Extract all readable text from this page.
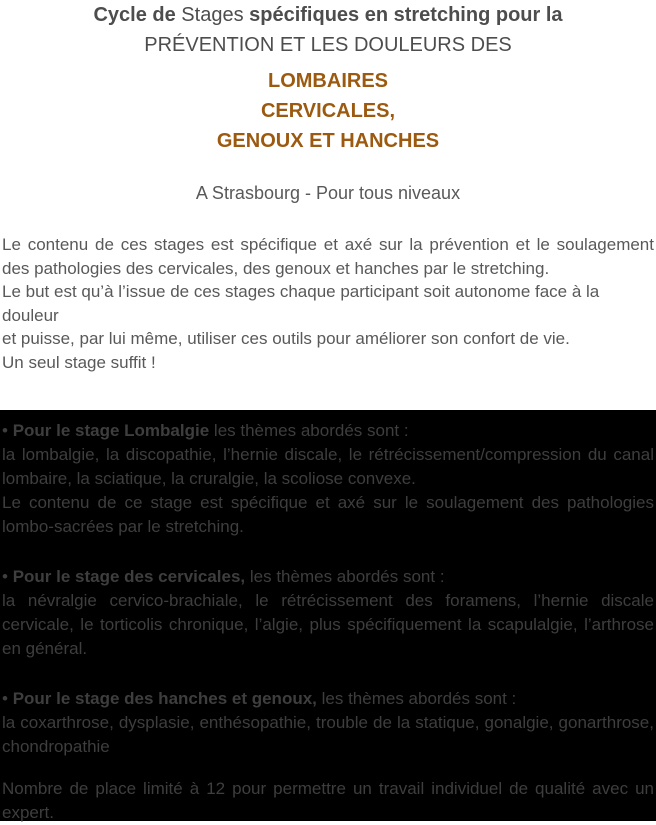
Cycle de Stages spécifiques en stretching pour la
PRÉVENTION ET LES DOULEURS DES
LOMBAIRES
CERVICALES,
GENOUX ET HANCHES
A Strasbourg - Pour tous niveaux

Le contenu de ces stages est spécifique et axé sur la prévention et le soulagement des pathologies des cervicales, des genoux et hanches par le stretching.

Le but est qu’à l’issue de ces stages chaque participant soit autonome face à la douleur

et puisse, par lui même, utiliser ces outils pour améliorer son confort de vie.

Un seul stage suffit !

• Pour le stage Lombalgie les thèmes abordés sont :

la lombalgie, la discopathie, l’hernie discale, le rétrécissement/compression du canal lombaire, la sciatique, la cruralgie, la scoliose convexe.

Le contenu de ce stage est spécifique et axé sur le soulagement des pathologies lombo-sacrées par le stretching.

• Pour le stage des cervicales, les thèmes abordés sont :

la névralgie cervico-brachiale, le rétrécissement des foramens, l’hernie discale cervicale, le torticolis chronique, l’algie, plus spécifiquement la scapulalgie, l’arthrose en général.

• Pour le stage des hanches et genoux, les thèmes abordés sont :

la coxarthrose, dysplasie, enthésopathie, trouble de la statique, gonalgie, gonarthrose, chondropathie

Nombre de place limité à 12 pour permettre un travail individuel de qualité avec un expert.
